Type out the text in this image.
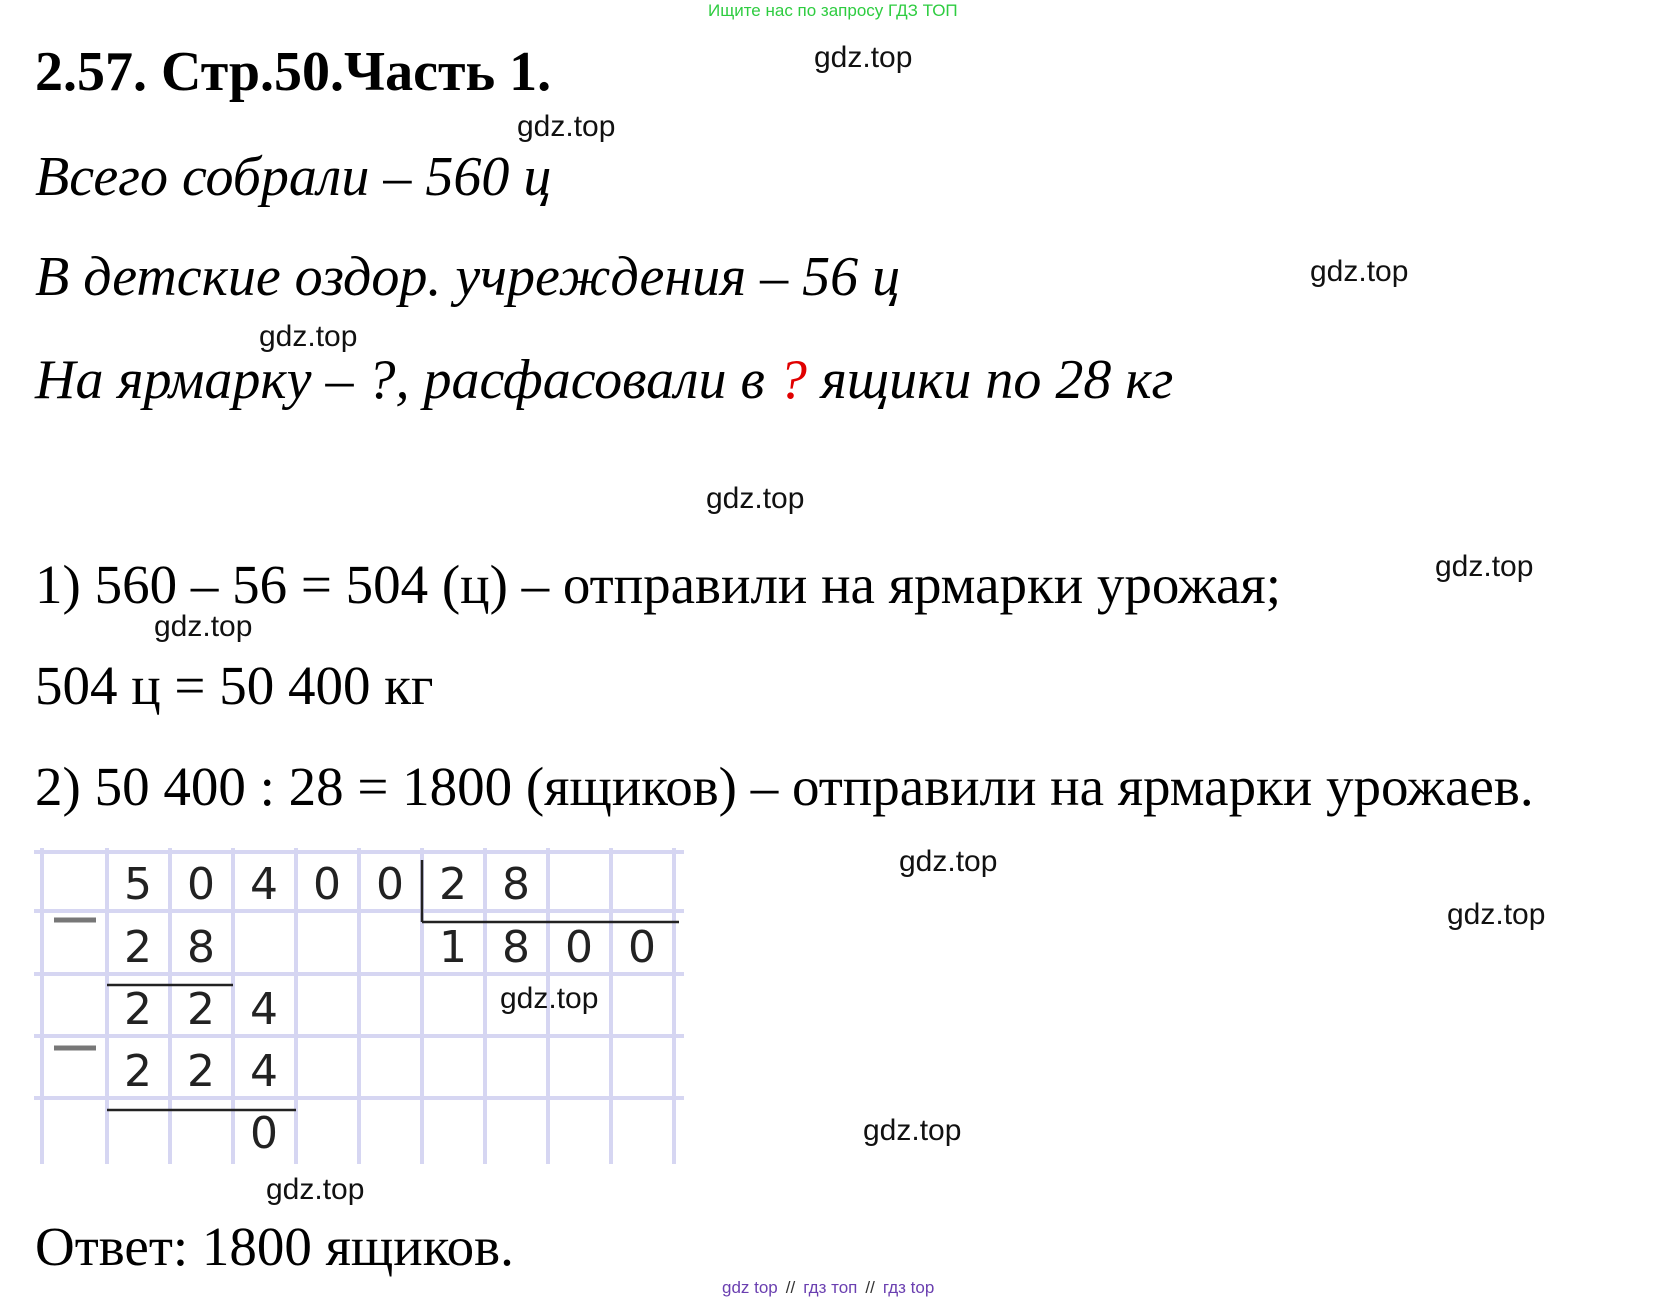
Ищите нас по запросу ГДЗ ТОП
2.57. Стр.50.Часть 1.
Всего собрали – 560 ц
В детские оздор. учреждения – 56 ц
На ярмарку – ?, расфасовали в ? ящики по 28 кг
1) 560 – 56 = 504 (ц) – отправили на ярмарки урожая;
504 ц = 50 400 кг
2) 50 400 : 28 = 1800 (ящиков) – отправили на ярмарки урожаев.
5 0 4 0 0 2 8
2 8	1 8 0 0
2 2 4
2 2 4
0
Ответ: 1800 ящиков.
gdz.top
gdz.top
gdz.top
gdz.top
gdz.top
gdz.top
gdz.top
gdz.top
gdz.top
gdz.top
gdz.top
gdz.top
gdz top // гдз топ // гдз top
